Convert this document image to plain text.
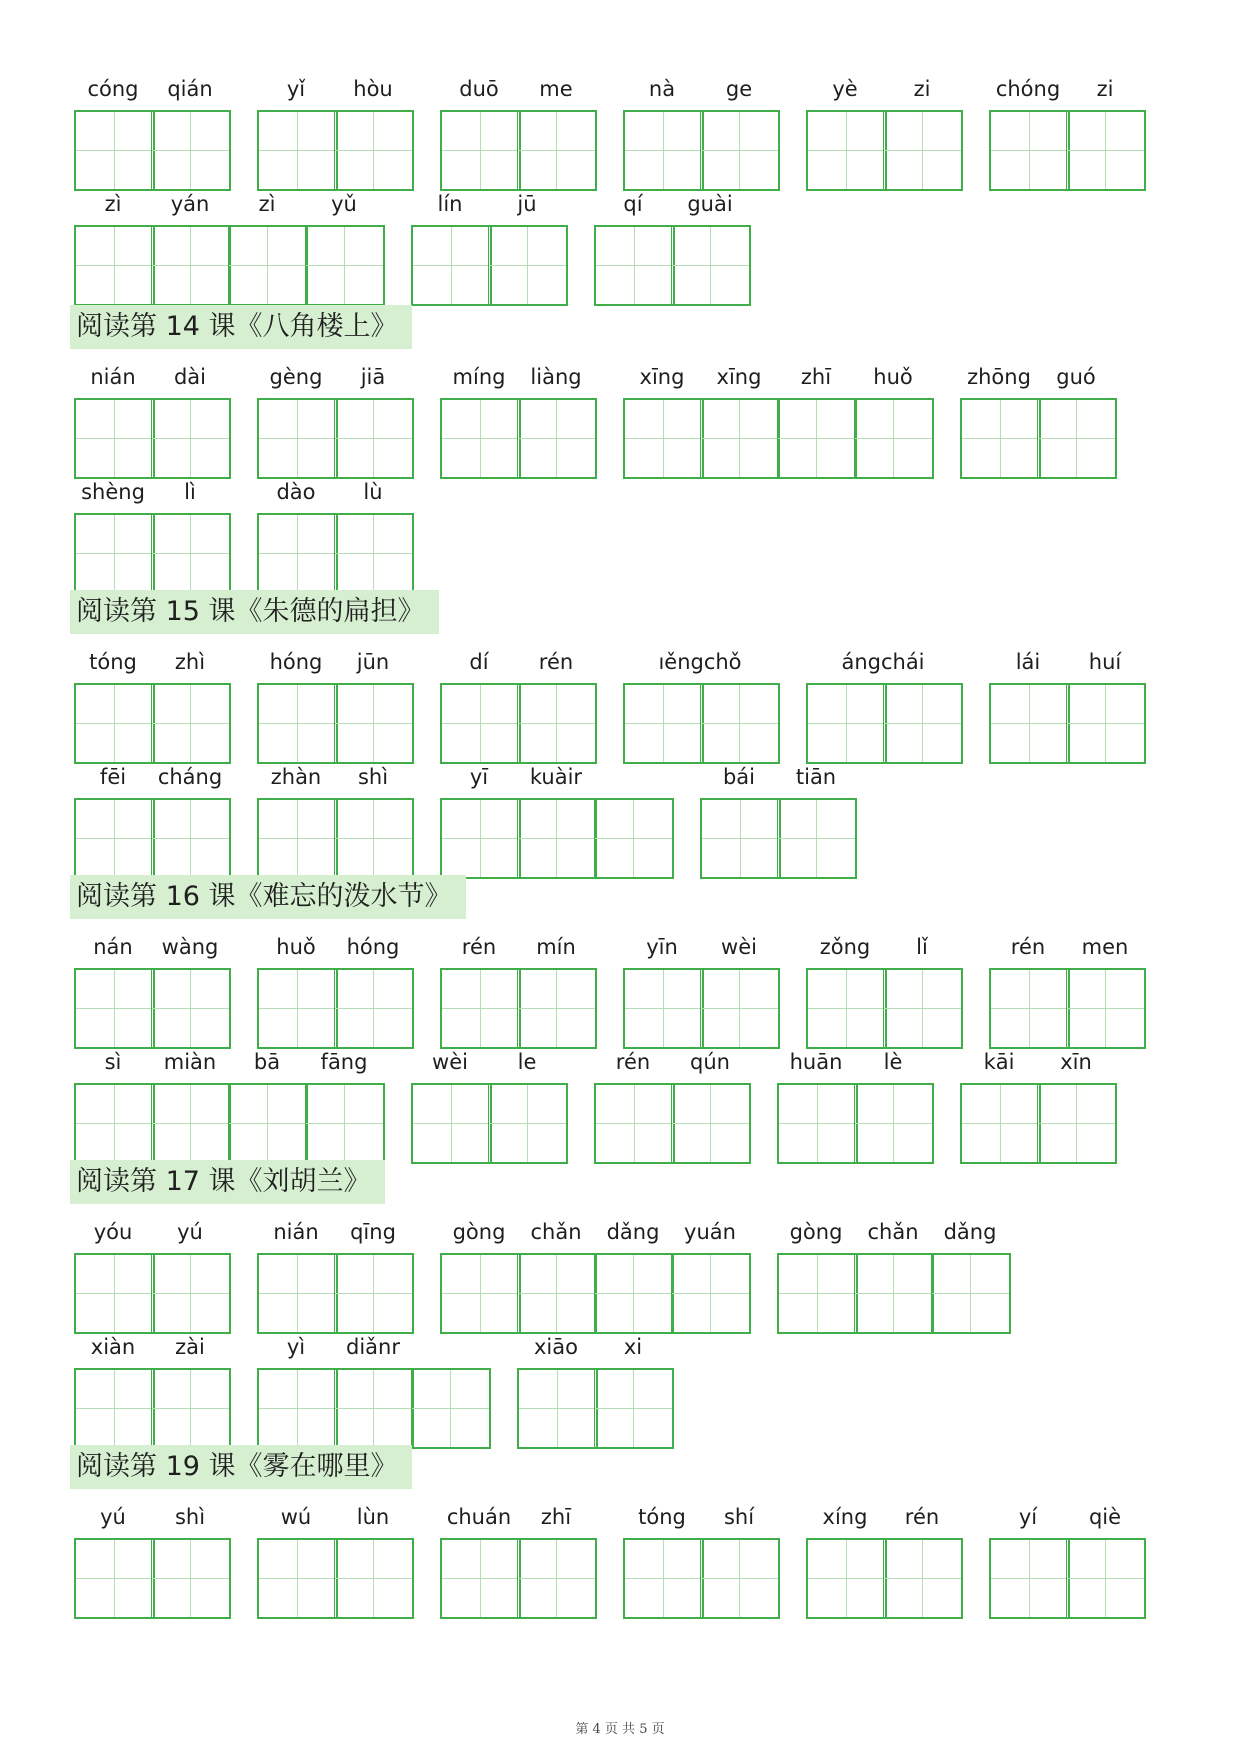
cóng	qián	yǐ	hòu	duō	me	nà	ge	yè	zi	chóng	zi
zì	yán	zì	yǔ	lín	jū	qí	guài
阅读第 14 课《八角楼上》
nián	dài	gèng	jiā	míng	liàng	xīng	xīng	zhī	huǒ	zhōng	guó
shèng	lì	dào	lù
阅读第 15 课《朱德的扁担》
tóng	zhì	hóng	jūn	dí	rén	ıěngchǒ	ángchái	lái	huí
fēi	cháng	zhàn	shì	yī	kuàir	bái	tiān
阅读第 16 课《难忘的泼水节》
nán	wàng	huǒ	hóng	rén	mín	yīn	wèi	zǒng	lǐ	rén	men
sì	miàn	bā	fāng	wèi	le	rén	qún	huān	lè	kāi	xīn
阅读第 17 课《刘胡兰》
yóu	yú	nián	qīng	gòng	chǎn	dǎng	yuán	gòng	chǎn	dǎng
xiàn	zài	yì	diǎnr	xiāo	xi
阅读第 19 课《雾在哪里》
yú	shì	wú	lùn	chuán	zhī	tóng	shí	xíng	rén	yí	qiè
第 4 页 共 5 页
